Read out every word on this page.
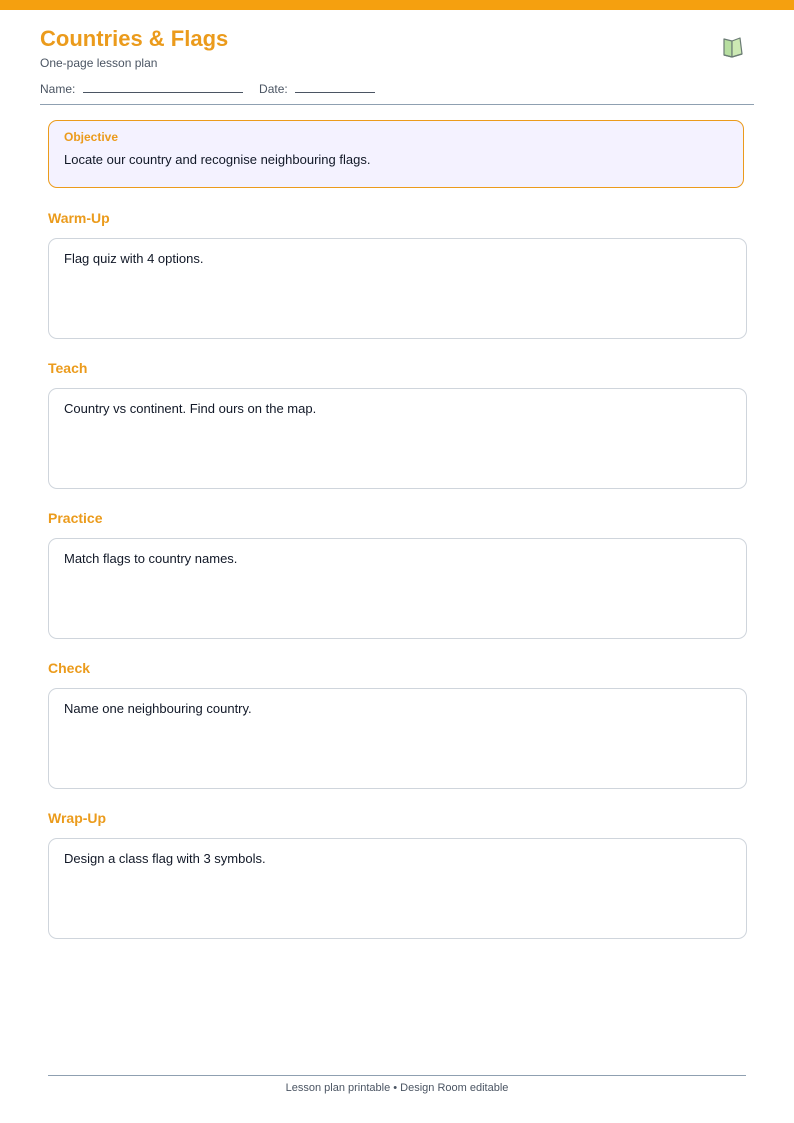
Countries & Flags
One-page lesson plan
Name:	Date:
Objective
Locate our country and recognise neighbouring flags.
Warm-Up
Flag quiz with 4 options.
Teach
Country vs continent. Find ours on the map.
Practice
Match flags to country names.
Check
Name one neighbouring country.
Wrap-Up
Design a class flag with 3 symbols.
Lesson plan printable • Design Room editable
